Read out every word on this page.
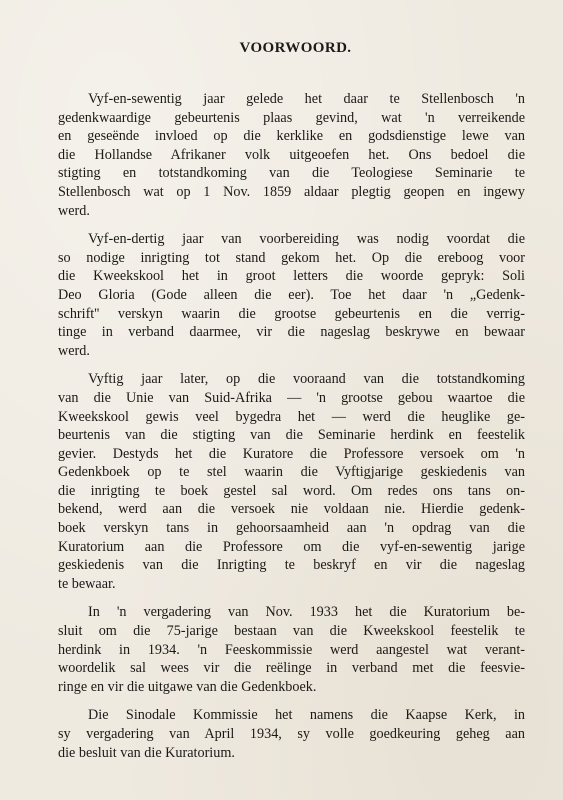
VOORWOORD.
Vyf-en-sewentig jaar gelede het daar te Stellenbosch 'n
gedenkwaardige gebeurtenis plaas gevind, wat 'n verreikende
en geseënde invloed op die kerklike en godsdienstige lewe van
die Hollandse Afrikaner volk uitgeoefen het. Ons bedoel die
stigting en totstandkoming van die Teologiese Seminarie te
Stellenbosch wat op 1 Nov. 1859 aldaar plegtig geopen en ingewy
werd.
Vyf-en-dertig jaar van voorbereiding was nodig voordat die
so nodige inrigting tot stand gekom het. Op die ereboog voor
die Kweekskool het in groot letters die woorde gepryk: Soli
Deo Gloria (Gode alleen die eer). Toe het daar 'n „Gedenk-
schrift'' verskyn waarin die grootse gebeurtenis en die verrig-
tinge in verband daarmee, vir die nageslag beskrywe en bewaar
werd.
Vyftig jaar later, op die vooraand van die totstandkoming
van die Unie van Suid-Afrika — 'n grootse gebou waartoe die
Kweekskool gewis veel bygedra het — werd die heuglike ge-
beurtenis van die stigting van die Seminarie herdink en feestelik
gevier. Destyds het die Kuratore die Professore versoek om 'n
Gedenkboek op te stel waarin die Vyftigjarige geskiedenis van
die inrigting te boek gestel sal word. Om redes ons tans on-
bekend, werd aan die versoek nie voldaan nie. Hierdie gedenk-
boek verskyn tans in gehoorsaamheid aan 'n opdrag van die
Kuratorium aan die Professore om die vyf-en-sewentig jarige
geskiedenis van die Inrigting te beskryf en vir die nageslag
te bewaar.
In 'n vergadering van Nov. 1933 het die Kuratorium be-
sluit om die 75-jarige bestaan van die Kweekskool feestelik te
herdink in 1934. 'n Feeskommissie werd aangestel wat verant-
woordelik sal wees vir die reëlinge in verband met die feesvie-
ringe en vir die uitgawe van die Gedenkboek.
Die Sinodale Kommissie het namens die Kaapse Kerk, in
sy vergadering van April 1934, sy volle goedkeuring geheg aan
die besluit van die Kuratorium.
